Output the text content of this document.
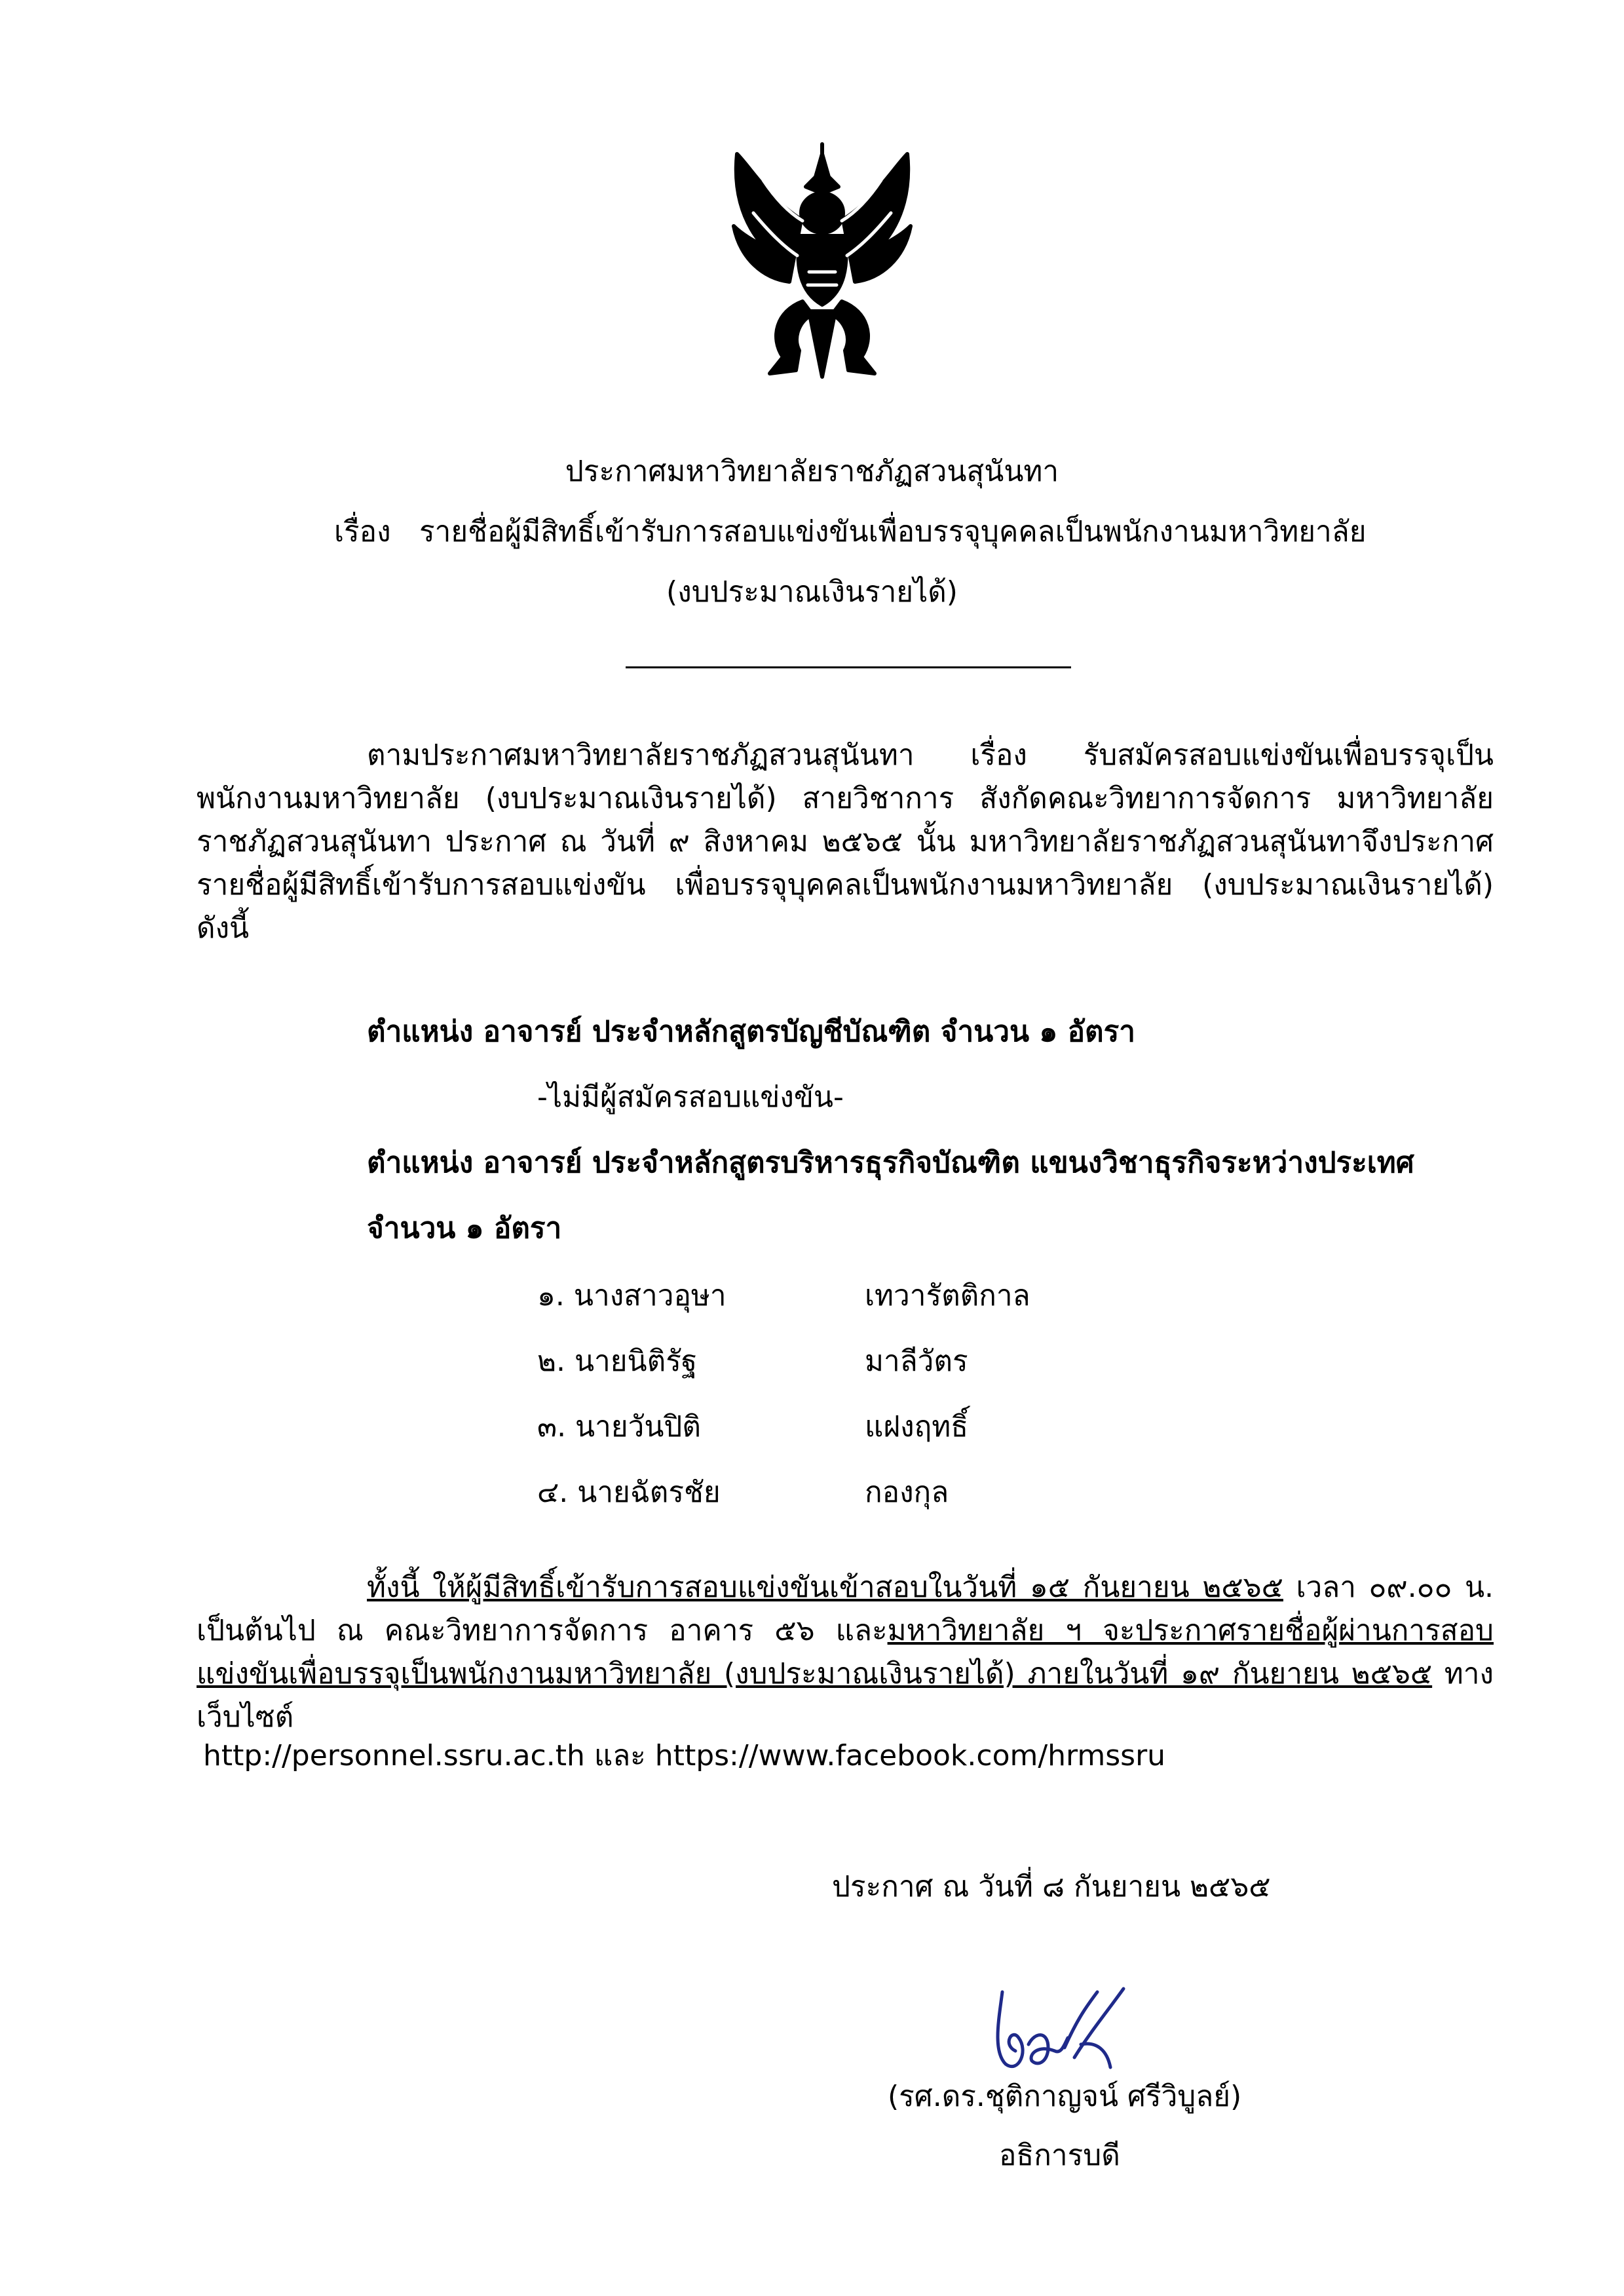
ประกาศมหาวิทยาลัยราชภัฏสวนสุนันทา
เรื่อง รายชื่อผู้มีสิทธิ์เข้ารับการสอบแข่งขันเพื่อบรรจุบุคคลเป็นพนักงานมหาวิทยาลัย
(งบประมาณเงินรายได้)
ตามประกาศมหาวิทยาลัยราชภัฏสวนสุนันทา เรื่อง รับสมัครสอบแข่งขันเพื่อบรรจุเป็นพนักงานมหาวิทยาลัย (งบประมาณเงินรายได้) สายวิชาการ สังกัดคณะวิทยาการจัดการ มหาวิทยาลัยราชภัฏสวนสุนันทา ประกาศ ณ วันที่ ๙ สิงหาคม ๒๕๖๕ นั้น มหาวิทยาลัยราชภัฏสวนสุนันทาจึงประกาศรายชื่อผู้มีสิทธิ์เข้ารับการสอบแข่งขัน เพื่อบรรจุบุคคลเป็นพนักงานมหาวิทยาลัย (งบประมาณเงินรายได้) ดังนี้
ตำแหน่ง อาจารย์ ประจำหลักสูตรบัญชีบัณฑิต จำนวน ๑ อัตรา
-ไม่มีผู้สมัครสอบแข่งขัน-
ตำแหน่ง อาจารย์ ประจำหลักสูตรบริหารธุรกิจบัณฑิต แขนงวิชาธุรกิจระหว่างประเทศ
จำนวน ๑ อัตรา
๑. นางสาวอุษา	เทวารัตติกาล
๒. นายนิติรัฐ	มาลีวัตร
๓. นายวันปิติ	แฝงฤทธิ์
๔. นายฉัตรชัย	กองกุล
ทั้งนี้ ให้ผู้มีสิทธิ์เข้ารับการสอบแข่งขันเข้าสอบในวันที่ ๑๕ กันยายน ๒๕๖๕ เวลา ๐๙.๐๐ น. เป็นต้นไป ณ คณะวิทยาการจัดการ อาคาร ๕๖ และมหาวิทยาลัย ฯ จะประกาศรายชื่อผู้ผ่านการสอบแข่งขันเพื่อบรรจุเป็นพนักงานมหาวิทยาลัย (งบประมาณเงินรายได้) ภายในวันที่ ๑๙ กันยายน ๒๕๖๕ ทางเว็บไซต์
http://personnel.ssru.ac.th และ https://www.facebook.com/hrmssru
ประกาศ ณ วันที่ ๘ กันยายน ๒๕๖๕
(รศ.ดร.ชุติกาญจน์ ศรีวิบูลย์)
อธิการบดี
